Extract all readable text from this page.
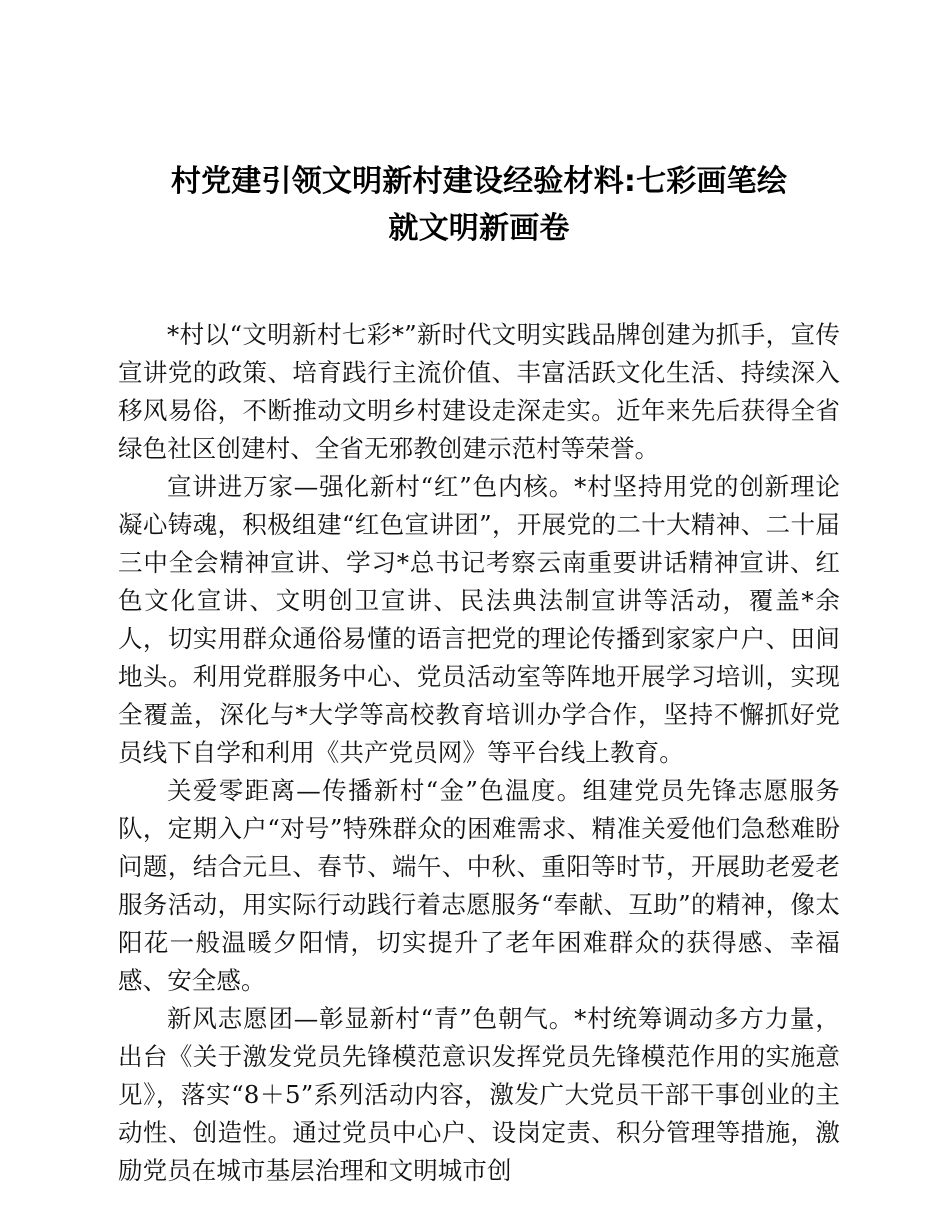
村党建引领文明新村建设经验材料:七彩画笔绘
就文明新画卷

*村以“文明新村七彩*”新时代文明实践品牌创建为抓手，宣传宣讲党的政策、培育践行主流价值、丰富活跃文化生活、持续深入移风易俗，不断推动文明乡村建设走深走实。近年来先后获得全省绿色社区创建村、全省无邪教创建示范村等荣誉。

宣讲进万家—强化新村“红”色内核。*村坚持用党的创新理论凝心铸魂，积极组建“红色宣讲团”，开展党的二十大精神、二十届三中全会精神宣讲、学习*总书记考察云南重要讲话精神宣讲、红色文化宣讲、文明创卫宣讲、民法典法制宣讲等活动，覆盖*余人，切实用群众通俗易懂的语言把党的理论传播到家家户户、田间地头。利用党群服务中心、党员活动室等阵地开展学习培训，实现全覆盖，深化与*大学等高校教育培训办学合作，坚持不懈抓好党员线下自学和利用《共产党员网》等平台线上教育。

关爱零距离—传播新村“金”色温度。组建党员先锋志愿服务队，定期入户“对号”特殊群众的困难需求、精准关爱他们急愁难盼问题，结合元旦、春节、端午、中秋、重阳等时节，开展助老爱老服务活动，用实际行动践行着志愿服务“奉献、互助”的精神，像太阳花一般温暖夕阳情，切实提升了老年困难群众的获得感、幸福感、安全感。

新风志愿团—彰显新村“青”色朝气。*村统筹调动多方力量，出台《关于激发党员先锋模范意识发挥党员先锋模范作用的实施意见》，落实“8＋5”系列活动内容，激发广大党员干部干事创业的主动性、创造性。通过党员中心户、设岗定责、积分管理等措施，激励党员在城市基层治理和文明城市创
